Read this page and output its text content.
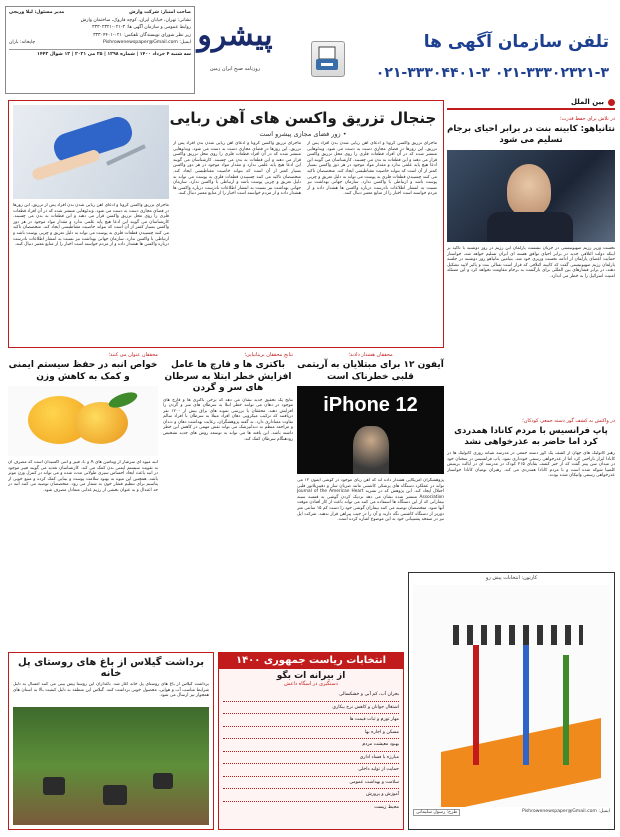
صاحب امتیاز: شرکت وارش
مدیر مسئول: ليلا وريجي
نشانی: تهران، خیابان ایران، کوچه قاروک، ساختمان وارش
روابط عمومی و سازمان آگهی ها: ۳-۰۲۱-۳۳۳۰۲۳۲۱
زیر نظر شورای نویسندگان تلفکس: ۰۲۱-۳۳۳۰۴۴۰۱
ایمیل: Pishrowenewspaper@Gmail.com
چاپخانه: باران
سه شنبه ۴ خرداد ۱۴۰۰ | شماره ۱۲۹۸ | ۲۵ می ۲۰۲۱ | ۱۳ شوال ۱۴۴۲
پیشرو
روزنامه صبح ایران زمین
تلفن سازمان آگهی ها
۰۲۱-۳۳۳۰۲۳۲۱-۳ ۰۲۱-۳۳۳۰۴۴۰۱-۳
بین الملل
در تلاش برای حفظ قدرت؛
نتانیاهو: کابینه بنت در برابر احیای برجام تسلیم می شود
نخست وزیر رژیم صهیونیستی در جریان نشست پارلمان این رژیم در روز دوشنبه با تاکید بر اینکه دولت ائتلافی جدید در برابر احیای توافق هسته ای ایران تسلیم خواهد شد، خواستار حمایت اعضای پارلمان از ادامه نخست وزیری خود شد. بنیامین نتانیاهو روز دوشنبه در جلسه پارلمان رژیم صهیونیستی گفت که کابینه ائتلافی که قرار است نفتالی بنت و یائیر لاپید تشکیل دهند، در برابر فشارهای بین المللی برای بازگشت به برجام مقاومت نخواهد کرد و این مسئله امنیت اسرائیل را به خطر می اندازد.
در واکنش به کشف گور دسته جمعی کودکان؛
پاپ فرانسیس با مردم کانادا همدردی کرد اما حاضر به عذرخواهی نشد
رهبر کاتولیک های جهان از کشف یک گور دسته جمعی در مدرسه شبانه روزی کاتولیک ها در کانادا ابراز ناراحتی کرد اما از عذرخواهی رسمی خودداری نمود. پاپ فرانسیس در سخنان خود در میدان سن پیتر گفت که از خبر کشف بقایای ۲۱۵ کودک در مدرسه ای در ایالت بریتیش کلمبیا شوکه شده است و با مردم کانادا همدردی می کند. رهبران بومیان کانادا خواستار عذرخواهی رسمی واتیکان شده بودند.
جنجال تزریق واکسن های آهن ربایی
• زور فضای مجازی پیشرو است
ماجرای تزریق واکسن کرونا و ادعای آهن ربایی شدن بدن افراد پس از تزریق، این روزها در فضای مجازی دست به دست می شود. ویدئوهایی منتشر شده که در آن افراد قطعات فلزی را روی محل تزریق واکسن قرار می دهند و این قطعات به بدن می چسبند. کارشناسان می گویند این ادعا هیچ پایه علمی ندارد و مقدار مواد موجود در هر دوز واکسن بسیار کمتر از آن است که بتواند خاصیت مغناطیسی ایجاد کند. متخصصان تاکید می کنند چسبیدن قطعات فلزی به پوست می تواند به دلیل تعریق و چربی پوست باشد و ارتباطی با واکسن ندارد. سازمان جهانی بهداشت نیز نسبت به انتشار اطلاعات نادرست درباره واکسن ها هشدار داده و از مردم خواسته است اخبار را از منابع معتبر دنبال کنند.
ماجرای تزریق واکسن کرونا و ادعای آهن ربایی شدن بدن افراد پس از تزریق، این روزها در فضای مجازی دست به دست می شود. ویدئوهایی منتشر شده که در آن افراد قطعات فلزی را روی محل تزریق واکسن قرار می دهند و این قطعات به بدن می چسبند. کارشناسان می گویند این ادعا هیچ پایه علمی ندارد و مقدار مواد موجود در هر دوز واکسن بسیار کمتر از آن است که بتواند خاصیت مغناطیسی ایجاد کند. متخصصان تاکید می کنند چسبیدن قطعات فلزی به پوست می تواند به دلیل تعریق و چربی پوست باشد و ارتباطی با واکسن ندارد. سازمان جهانی بهداشت نیز نسبت به انتشار اطلاعات نادرست درباره واکسن ها هشدار داده و از مردم خواسته است اخبار را از منابع معتبر دنبال کنند.
ماجرای تزریق واکسن کرونا و ادعای آهن ربایی شدن بدن افراد پس از تزریق، این روزها در فضای مجازی دست به دست می شود. ویدئوهایی منتشر شده که در آن افراد قطعات فلزی را روی محل تزریق واکسن قرار می دهند و این قطعات به بدن می چسبند. کارشناسان می گویند این ادعا هیچ پایه علمی ندارد و مقدار مواد موجود در هر دوز واکسن بسیار کمتر از آن است که بتواند خاصیت مغناطیسی ایجاد کند. متخصصان تاکید می کنند چسبیدن قطعات فلزی به پوست می تواند به دلیل تعریق و چربی پوست باشد و ارتباطی با واکسن ندارد. سازمان جهانی بهداشت نیز نسبت به انتشار اطلاعات نادرست درباره واکسن ها هشدار داده و از مردم خواسته است اخبار را از منابع معتبر دنبال کنند.
محققان هشدار دادند؛
آیفون ۱۲ برای مبتلایان به آریتمی قلبی خطرناک است
iPhone 12
پژوهشگران آمریکایی هشدار داده اند که آهن ربای موجود در گوشی آیفون ۱۲ می تواند در عملکرد دستگاه های پزشکی کاشتنی مانند ضربان ساز و دفیبریلاتور قلبی اختلال ایجاد کند. این پژوهش که در نشریه Journal of the American Heart Association منتشر شده نشان می دهد نزدیک کردن گوشی به قفسه سینه بیمارانی که از این دستگاه ها استفاده می کنند می تواند باعث از کار افتادن موقت آنها شود. متخصصان توصیه می کنند بیماران گوشی خود را دست کم ۱۵ سانتی متر دورتر از دستگاه کاشتنی نگه دارند و آن را در جیب پیراهن قرار ندهند. شرکت اپل نیز در صفحه پشتیبانی خود به این موضوع اشاره کرده است.
نتایج محققان بریتانیایی؛
باکتری ها و قارچ ها عامل افزایش خطر ابتلا به سرطان های سر و گردن
نتایج یک تحقیق جدید نشان می دهد که برخی باکتری ها و قارچ های موجود در دهان می توانند خطر ابتلا به سرطان های سر و گردن را افزایش دهند. محققان با بررسی نمونه های بزاق بیش از ۱۲۰۰ نفر دریافتند که ترکیب میکروبی دهان افراد مبتلا به سرطان با افراد سالم تفاوت معناداری دارد. به گفته پژوهشگران، رعایت بهداشت دهان و دندان و مراجعه منظم به دندانپزشک می تواند نقش مهمی در کاهش این خطر داشته باشد. این یافته ها می تواند به توسعه روش های جدید تشخیص زودهنگام سرطان کمک کند.
محققان عنوان می کنند؛
خواص انبه در حفظ سیستم ایمنی و کمک به کاهش وزن
انبه میوه ای سرشار از ویتامین های A و C، فیبر و آنتی اکسیدان است که مصرف آن به تقویت سیستم ایمنی بدن کمک می کند. کارشناسان تغذیه می گویند فیبر موجود در انبه باعث ایجاد احساس سیری طولانی مدت شده و می تواند در کنترل وزن موثر باشد. همچنین این میوه به بهبود سلامت پوست و بینایی کمک کرده و منبع خوبی از پتاسیم برای تنظیم فشار خون به شمار می رود. متخصصان توصیه می کنند انبه در حد اعتدال و به عنوان بخشی از رژیم غذایی متعادل مصرف شود.
برداشت گیلاس از باغ های روستای پل خانه
برداشت گیلاس از باغ های روستای پل خانه آغاز شد. باغداران این روستا پیش بینی می کنند امسال به دلیل شرایط مناسب آب و هوایی، محصول خوبی برداشت کنند. گیلاس این منطقه به دلیل کیفیت بالا به استان های همجوار نیز ارسال می شود.
انتخابات ریاست جمهوری ۱۴۰۰
از بیرانه ات بگو
دستگیری در اسگاه داعش
بحران آب، کم آبی و خشکسالی
اشتغال جوانان و کاهش نرخ بیکاری
مهار تورم و ثبات قیمت ها
مسکن و اجاره بها
بهبود معیشت مردم
مبارزه با فساد اداری
حمایت از تولید داخلی
سلامت و بهداشت عمومی
آموزش و پرورش
محیط زیست
کارتون: انتخابات پیش رو
ایمیل: Pishrowenewspaper@Gmail.com
طرح: رسول سلیمانی
